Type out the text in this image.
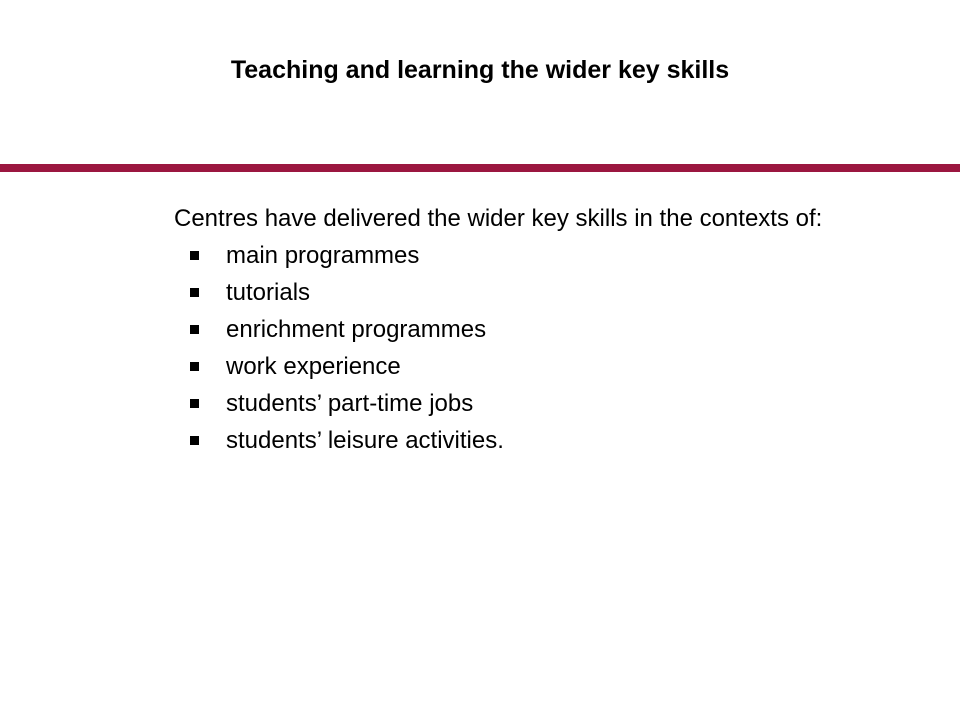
Teaching and learning the wider key skills

Centres have delivered the wider key skills in the contexts of:

main programmes
tutorials
enrichment programmes
work experience
students’ part-time jobs
students’ leisure activities.
